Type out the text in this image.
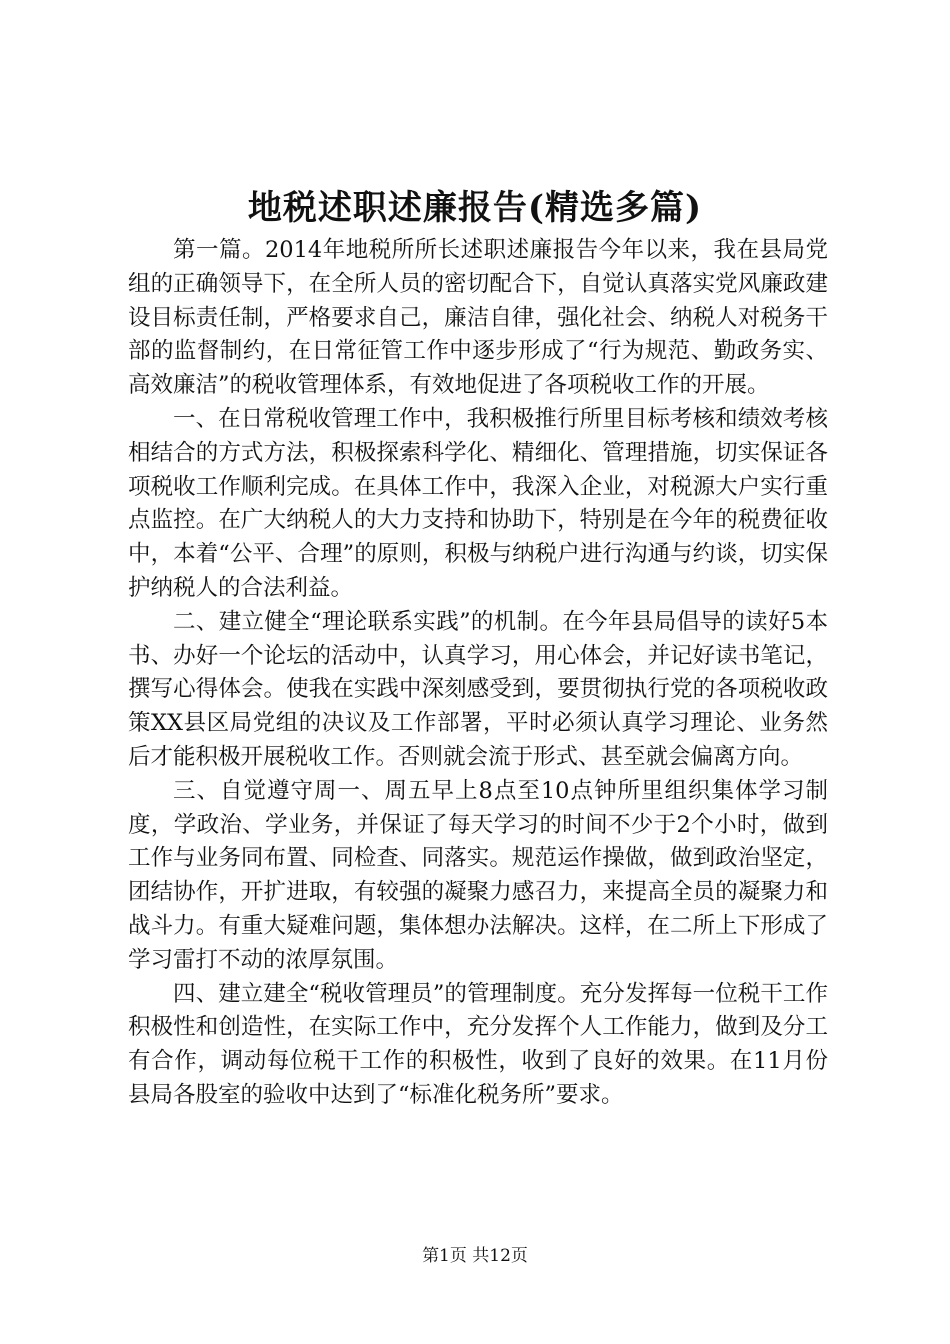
地税述职述廉报告(精选多篇)

第一篇。2014年地税所所长述职述廉报告今年以来，我在县局党组的正确领导下，在全所人员的密切配合下，自觉认真落实党风廉政建设目标责任制，严格要求自己，廉洁自律，强化社会、纳税人对税务干部的监督制约，在日常征管工作中逐步形成了“行为规范、勤政务实、高效廉洁”的税收管理体系，有效地促进了各项税收工作的开展。

一、在日常税收管理工作中，我积极推行所里目标考核和绩效考核相结合的方式方法，积极探索科学化、精细化、管理措施，切实保证各项税收工作顺利完成。在具体工作中，我深入企业，对税源大户实行重点监控。在广大纳税人的大力支持和协助下，特别是在今年的税费征收中，本着“公平、合理”的原则，积极与纳税户进行沟通与约谈，切实保护纳税人的合法利益。

二、建立健全“理论联系实践”的机制。在今年县局倡导的读好5本书、办好一个论坛的活动中，认真学习，用心体会，并记好读书笔记，撰写心得体会。使我在实践中深刻感受到，要贯彻执行党的各项税收政策XX县区局党组的决议及工作部署，平时必须认真学习理论、业务然后才能积极开展税收工作。否则就会流于形式、甚至就会偏离方向。

三、自觉遵守周一、周五早上8点至10点钟所里组织集体学习制度，学政治、学业务，并保证了每天学习的时间不少于2个小时，做到工作与业务同布置、同检查、同落实。规范运作操做，做到政治坚定，团结协作，开扩进取，有较强的凝聚力感召力，来提高全员的凝聚力和战斗力。有重大疑难问题，集体想办法解决。这样，在二所上下形成了学习雷打不动的浓厚氛围。

四、建立建全“税收管理员”的管理制度。充分发挥每一位税干工作积极性和创造性，在实际工作中，充分发挥个人工作能力，做到及分工有合作，调动每位税干工作的积极性，收到了良好的效果。在11月份县局各股室的验收中达到了“标准化税务所”要求。

第1页 共12页
